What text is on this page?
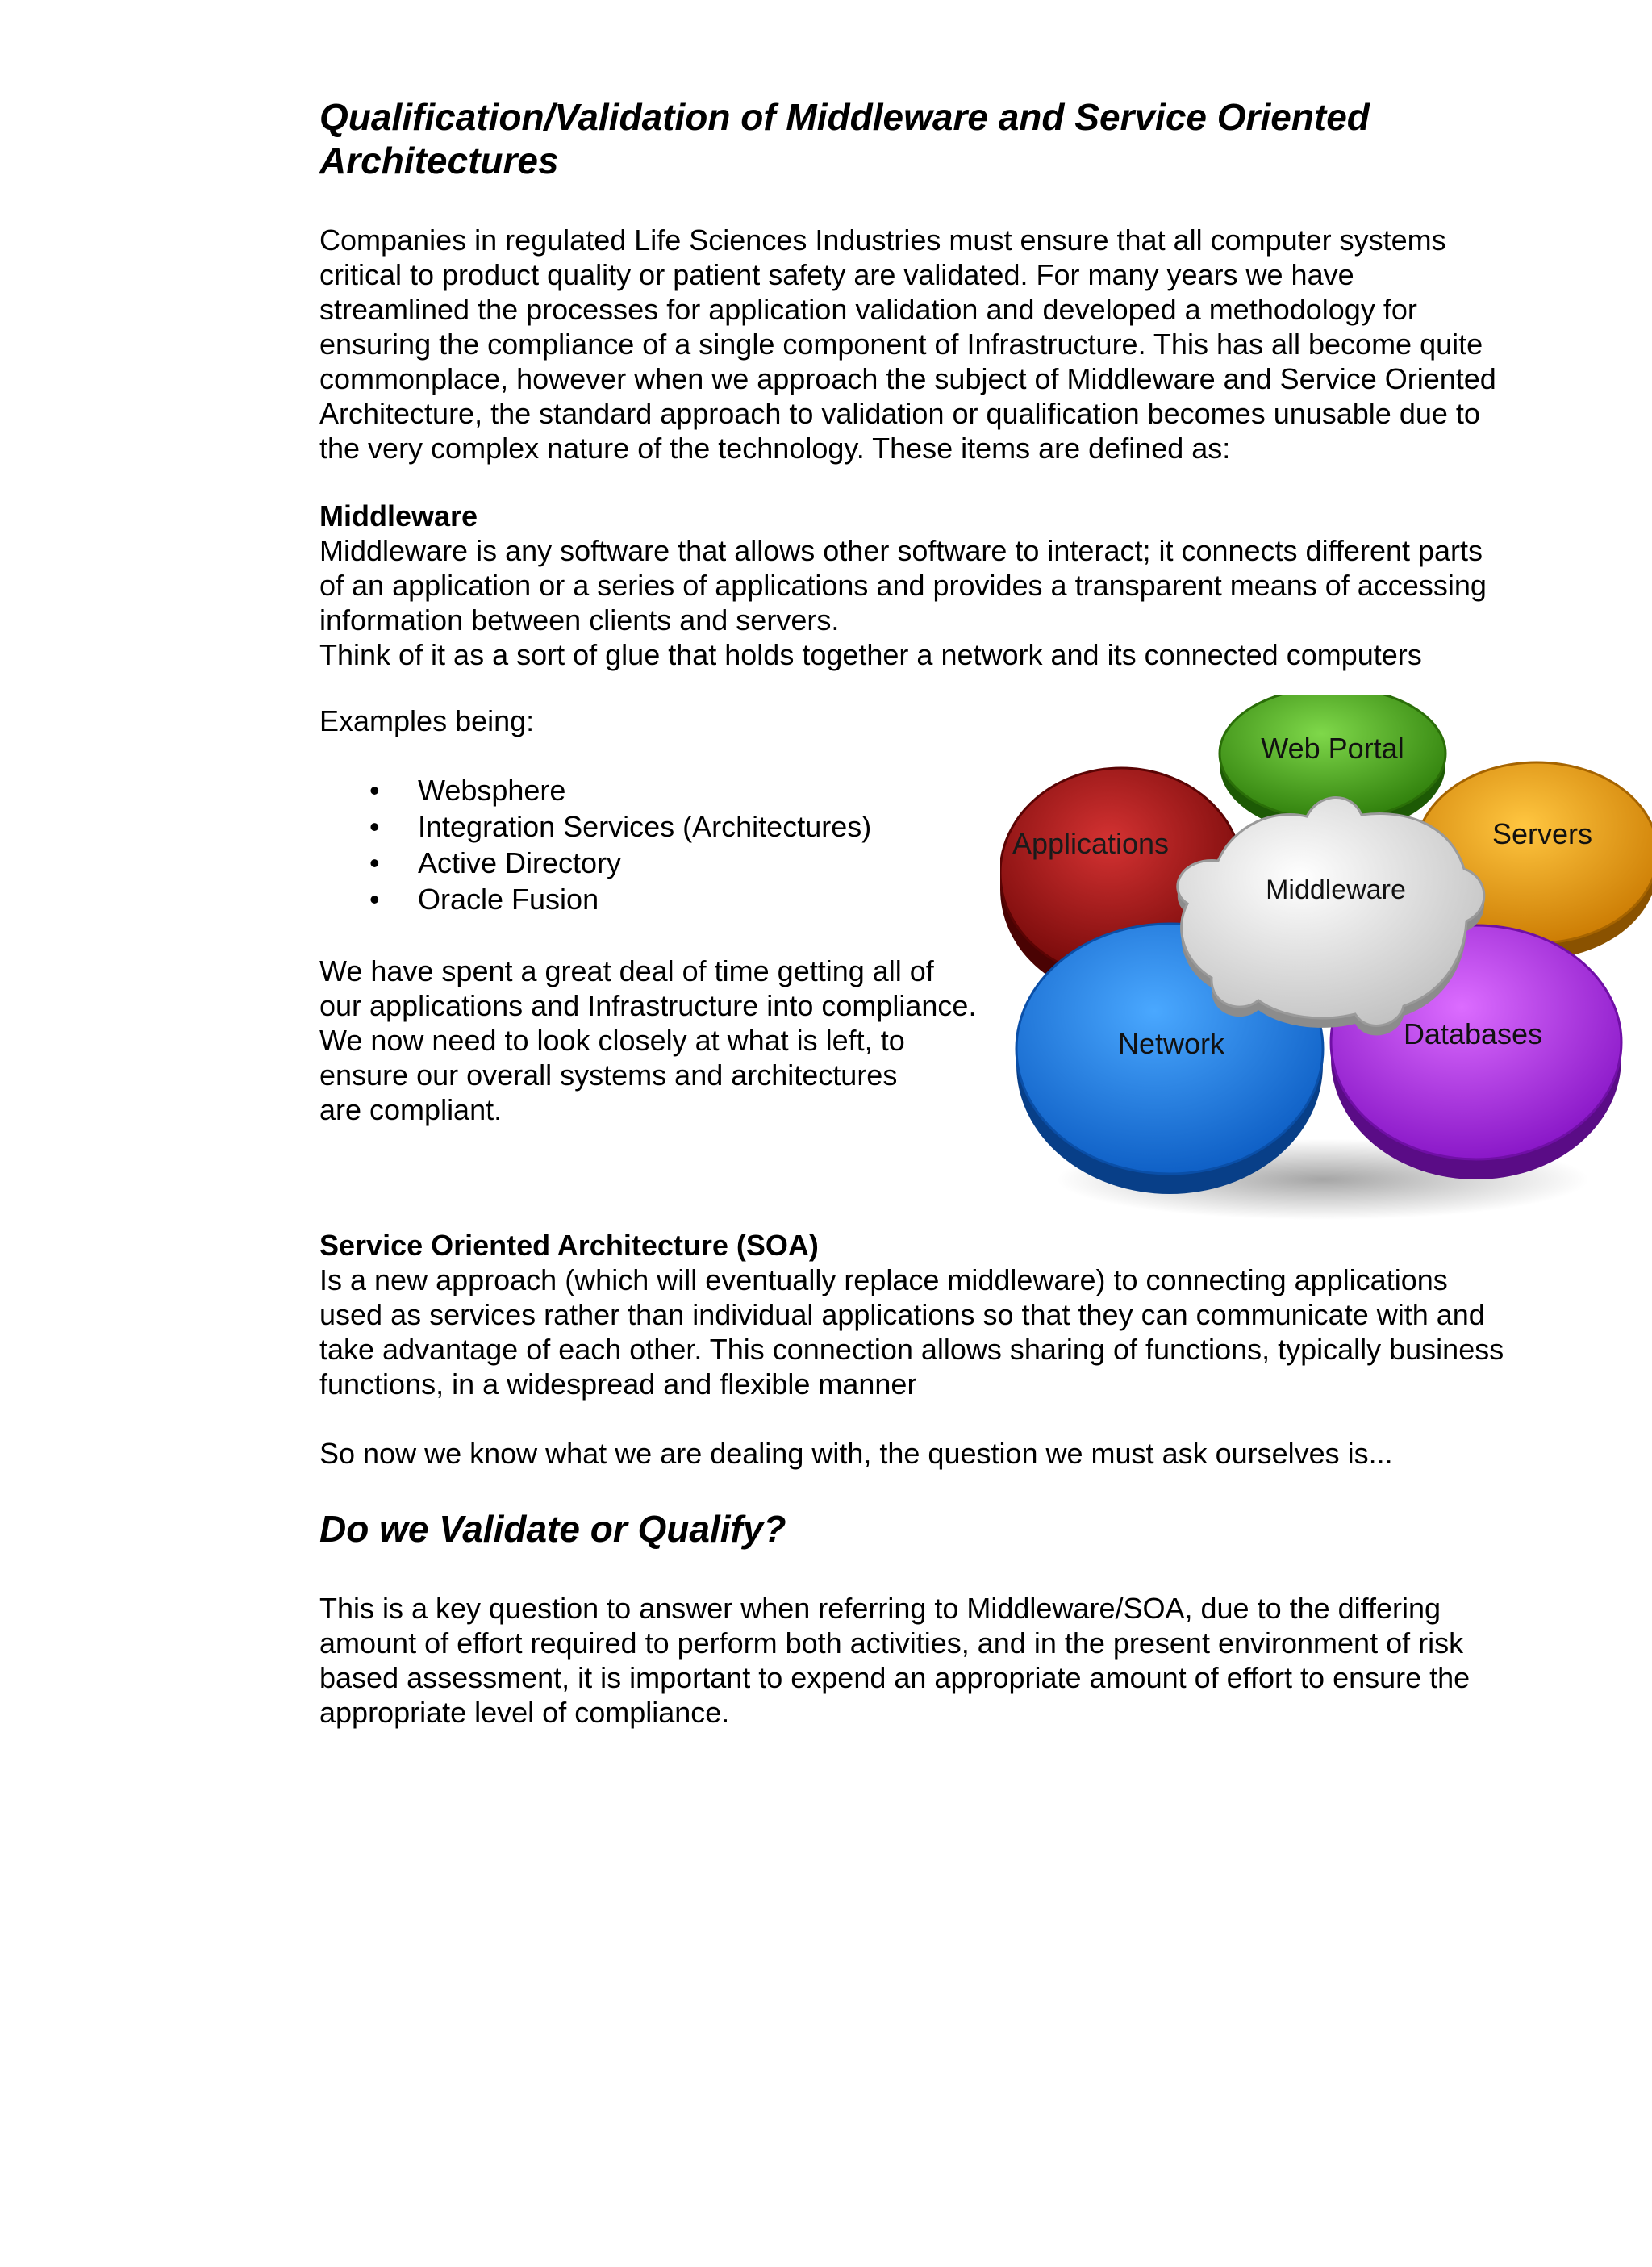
Qualification/Validation of Middleware and Service Oriented
Architectures

Companies in regulated Life Sciences Industries must ensure that all computer systems
critical to product quality or patient safety are validated. For many years we have
streamlined the processes for application validation and developed a methodology for
ensuring the compliance of a single component of Infrastructure. This has all become quite
commonplace, however when we approach the subject of Middleware and Service Oriented
Architecture, the standard approach to validation or qualification becomes unusable due to
the very complex nature of the technology. These items are defined as:

Middleware
Middleware is any software that allows other software to interact; it connects different parts
of an application or a series of applications and provides a transparent means of accessing
information between clients and servers.
Think of it as a sort of glue that holds together a network and its connected computers

Examples being:

• Websphere
• Integration Services (Architectures)
• Active Directory
• Oracle Fusion

We have spent a great deal of time getting all of
our applications and Infrastructure into compliance.
We now need to look closely at what is left, to
ensure our overall systems and architectures
are compliant.

Web Portal
Servers
Applications
Network	Databases
Middleware

Service Oriented Architecture (SOA)
Is a new approach (which will eventually replace middleware) to connecting applications
used as services rather than individual applications so that they can communicate with and
take advantage of each other. This connection allows sharing of functions, typically business
functions, in a widespread and flexible manner

So now we know what we are dealing with, the question we must ask ourselves is...

Do we Validate or Qualify?

This is a key question to answer when referring to Middleware/SOA, due to the differing
amount of effort required to perform both activities, and in the present environment of risk
based assessment, it is important to expend an appropriate amount of effort to ensure the
appropriate level of compliance.
